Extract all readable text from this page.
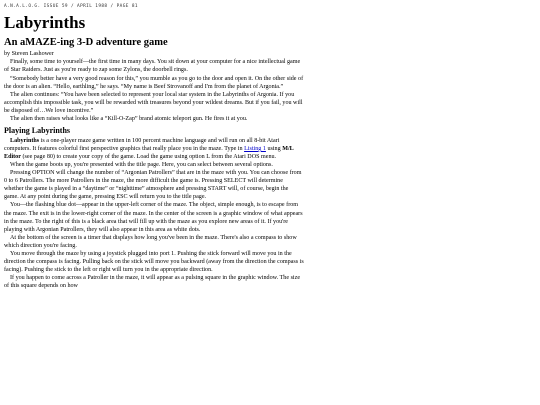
A.N.A.L.O.G. ISSUE 59 / APRIL 1988 / PAGE 81
Labyrinths
An aMAZE-ing 3-D adventure game
by Steven Lashower

Finally, some time to yourself—the first time in many days. You sit down at your computer for a nice intellectual game of Star Raiders. Just as you're ready to zap some Zylons, the doorbell rings.

“Somebody better have a very good reason for this,” you mumble as you go to the door and open it. On the other side of the door is an alien. “Hello, earthling,” he says. “My name is Beef Strovanoff and I'm from the planet of Argonia.”

The alien continues: “You have been selected to represent your local star system in the Labyrinths of Argonia. If you accomplish this impossible task, you will be rewarded with treasures beyond your wildest dreams. But if you fail, you will be disposed of…We love incentive.”

The alien then raises what looks like a “Kill-O-Zap” brand atomic teleport gun. He fires it at you.

Playing Labyrinths

Labyrinths is a one-player maze game written in 100 percent machine language and will run on all 8-bit Atari computers. It features colorful first perspective graphics that really place you in the maze. Type in Listing 1 using M/L Editor (see page 80) to create your copy of the game. Load the game using option L from the Atari DOS menu.

When the game boots up, you're presented with the title page. Here, you can select between several options.

Pressing OPTION will change the number of “Argonian Patrollers” that are in the maze with you. You can choose from 0 to 6 Patrollers. The more Patrollers in the maze, the more difficult the game is. Pressing SELECT will determine whether the game is played in a “daytime” or “nighttime” atmosphere and pressing START will, of course, begin the game. At any point during the game, pressing ESC will return you to the title page.

You—the flashing blue dot—appear in the upper-left corner of the maze. The object, simple enough, is to escape from the maze. The exit is in the lower-right corner of the maze. In the center of the screen is a graphic window of what appears in the maze. To the right of this is a black area that will fill up with the maze as you explore new areas of it. If you're playing with Argonian Patrollers, they will also appear in this area as white dots.

At the bottom of the screen is a timer that displays how long you've been in the maze. There's also a compass to show which direction you're facing.

You move through the maze by using a joystick plugged into port 1. Pushing the stick forward will move you in the direction the compass is facing. Pulling back on the stick will move you backward (away from the direction the compass is facing). Pushing the stick to the left or right will turn you in the appropriate direction.

If you happen to come across a Patroller in the maze, it will appear as a pulsing square in the graphic window. The size of this square depends on how
